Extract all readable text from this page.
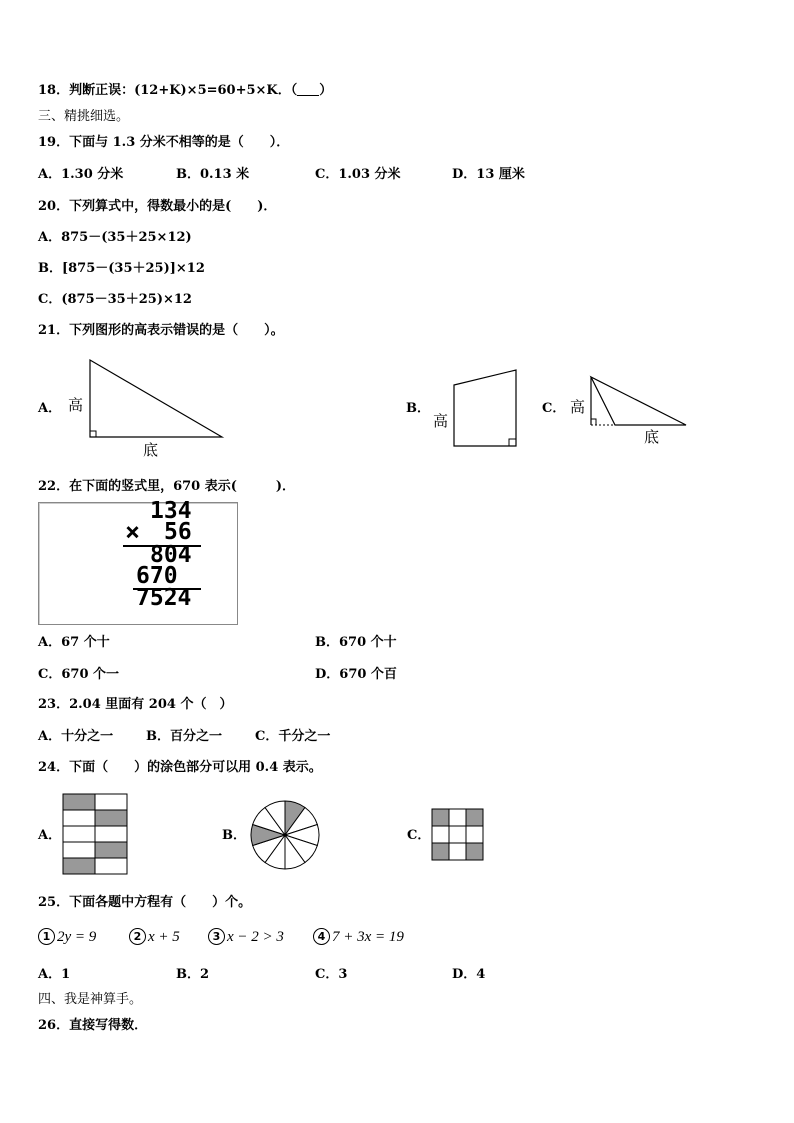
18．判断正误：(12+K)×5=60+5×K．（ ）
三、精挑细选。
19．下面与 1.3 分米不相等的是（　　）．
A．1.30 分米	B．0.13 米	C．1.03 分米	D．13 厘米
20．下列算式中，得数最小的是(　　)．
A．875－(35＋25×12)
B．[875－(35＋25)]×12
C．(875－35＋25)×12
21．下列图形的高表示错误的是（　　）。
A．	B．	C．
高
底
高
高
底
22．在下面的竖式里，670 表示(　　　)．
134
× 56
804
670
7524
A．67 个十	B．670 个十
C．670 个一	D．670 个百
23．2.04 里面有 204 个（　）
A．十分之一	B．百分之一	C．千分之一
24．下面（　　）的涂色部分可以用 0.4 表示。
A．	B．	C．
25．下面各题中方程有（　　）个。
1 2y = 9	2 x + 5	3 x − 2 > 3	4 7 + 3x = 19
A．1	B．2	C．3	D．4
四、我是神算手。
26．直接写得数．
